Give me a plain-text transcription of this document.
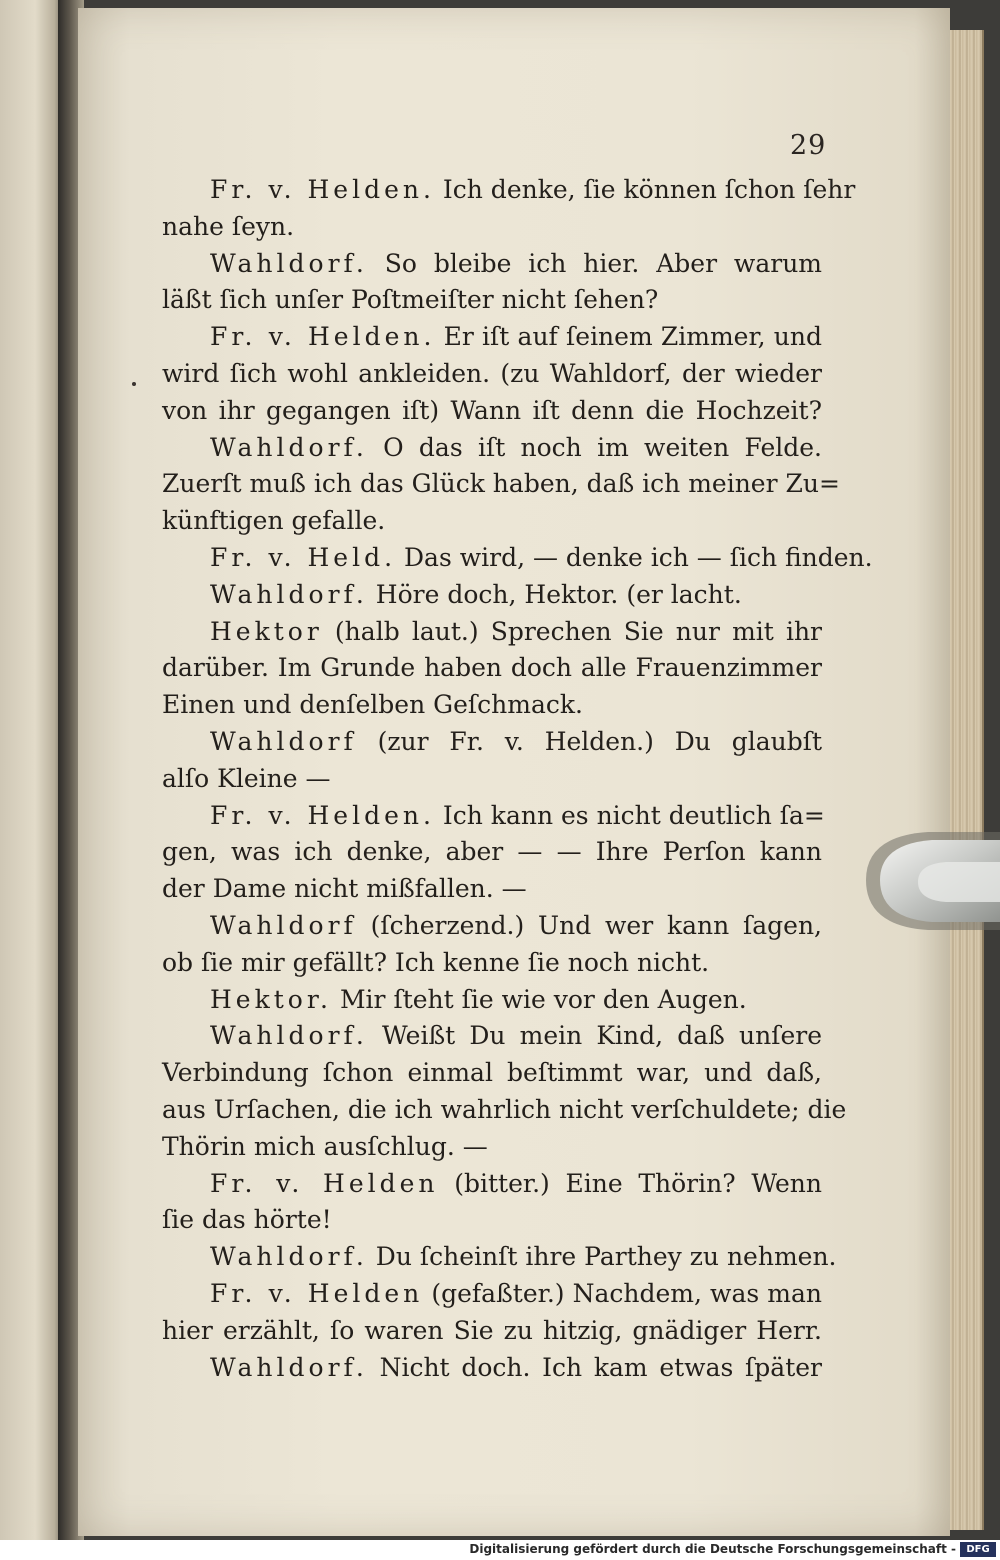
29
Fr. v. Helden. Ich denke, ſie können ſchon ſehr
nahe ſeyn.
Wahldorf. So bleibe ich hier. Aber warum
läßt ſich unſer Poſtmeiſter nicht ſehen?
Fr. v. Helden. Er iſt auf ſeinem Zimmer, und
wird ſich wohl ankleiden. (zu Wahldorf, der wieder
von ihr gegangen iſt) Wann iſt denn die Hochzeit?
Wahldorf. O das iſt noch im weiten Felde.
Zuerſt muß ich das Glück haben, daß ich meiner Zu=
künftigen gefalle.
Fr. v. Held. Das wird, — denke ich — ſich finden.
Wahldorf. Höre doch, Hektor. (er lacht.
Hektor (halb laut.) Sprechen Sie nur mit ihr
darüber. Im Grunde haben doch alle Frauenzimmer
Einen und denſelben Geſchmack.
Wahldorf (zur Fr. v. Helden.) Du glaubſt
alſo Kleine —
Fr. v. Helden. Ich kann es nicht deutlich ſa=
gen, was ich denke, aber — — Ihre Perſon kann
der Dame nicht mißfallen. —
Wahldorf (ſcherzend.) Und wer kann ſagen,
ob ſie mir gefällt? Ich kenne ſie noch nicht.
Hektor. Mir ſteht ſie wie vor den Augen.
Wahldorf. Weißt Du mein Kind, daß unſere
Verbindung ſchon einmal beſtimmt war, und daß,
aus Urſachen, die ich wahrlich nicht verſchuldete; die
Thörin mich ausſchlug. —
Fr. v. Helden (bitter.) Eine Thörin? Wenn
ſie das hörte!
Wahldorf. Du ſcheinſt ihre Parthey zu nehmen.
Fr. v. Helden (gefaßter.) Nachdem, was man
hier erzählt, ſo waren Sie zu hitzig, gnädiger Herr.
Wahldorf. Nicht doch. Ich kam etwas ſpäter
Digitalisierung gefördert durch die Deutsche Forschungsgemeinschaft -	DFG
